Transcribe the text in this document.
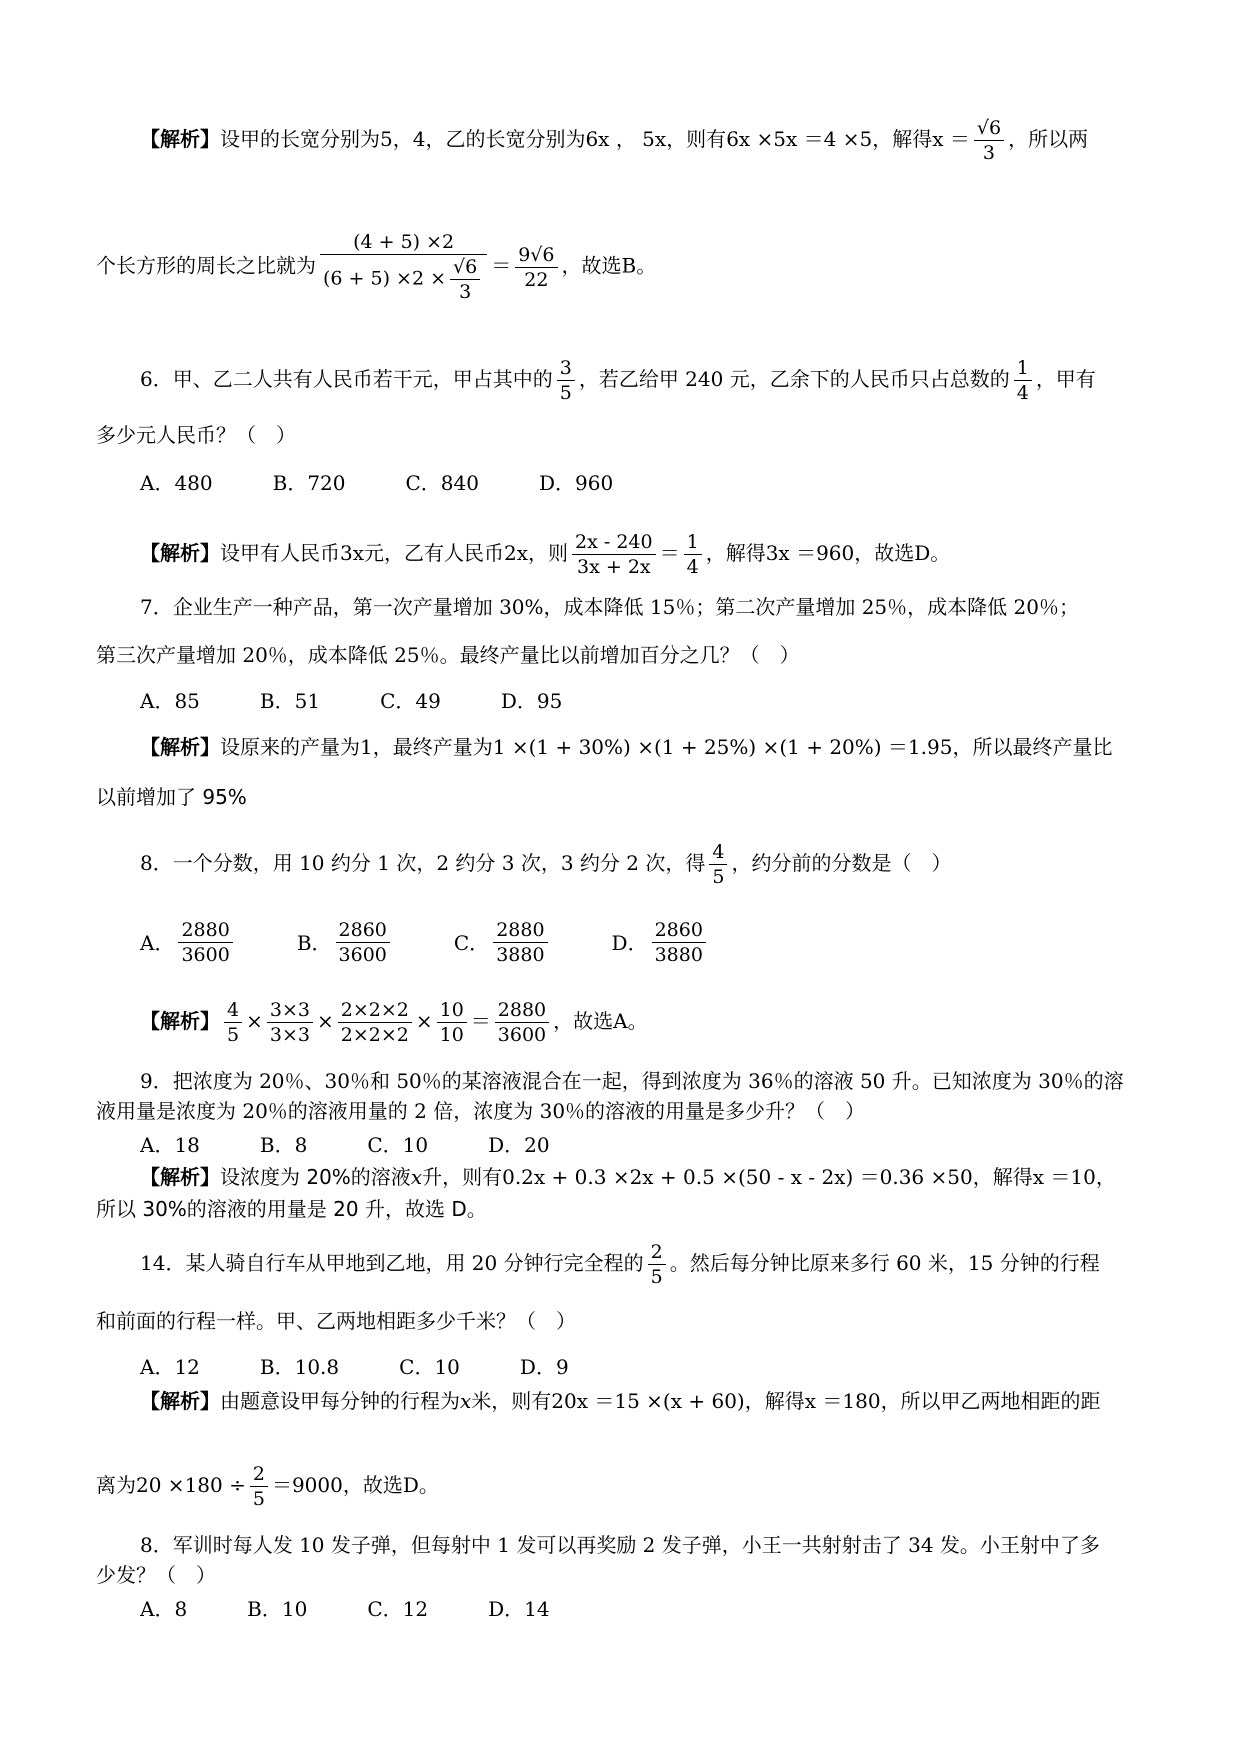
【解析】设甲的长宽分别为5，4，乙的长宽分别为6x ， 5x，则有6x ×5x ＝4 ×5，解得$x = \frac{√6}{3}$ ，所以两
个长方形的周长之比就为 $\frac{(4 + 5) \times 2}{(6 + 5) \times 2 \times \frac{√6}{3}} = \frac{9√6}{22}$ ，故选B。
6．甲、乙二人共有人民币若干元，甲占其中的 $\frac{3}{5}$ ，若乙给甲 240 元，乙余下的人民币只占总数的 $\frac{1}{4}$ ，甲有
多少元人民币？（　）
A．480	B．720	C．840	D．960
【解析】设甲有人民币3x元，乙有人民币2x，则 $\frac{2x - 240}{3x + 2x} = \frac{1}{4}$ ，解得3x ＝960，故选D。
7．企业生产一种产品，第一次产量增加 30%，成本降低 15％；第二次产量增加 25％，成本降低 20％；
第三次产量增加 20％，成本降低 25％。最终产量比以前增加百分之几？（　）
A．85	B．51	C．49	D．95
【解析】设原来的产量为1，最终产量为1 ×(1 + 30%) ×(1 + 25%) ×(1 + 20%) ＝1.95，所以最终产量比
以前增加了 95%
8．一个分数，用 10 约分 1 次，2 约分 3 次，3 约分 2 次，得 $\frac{4}{5}$ ，约分前的分数是（　）
A． $\frac{2880}{3600}$	B． $\frac{2860}{3600}$	C． $\frac{2880}{3880}$	D． $\frac{2860}{3880}$
【解析】 $\frac{4}{5} \times \frac{3\times 3}{3\times 3} \times \frac{2\times 2\times 2}{2\times 2\times 2} \times \frac{10}{10} = \frac{2880}{3600}$ ，故选A。
9．把浓度为 20％、30％和 50％的某溶液混合在一起，得到浓度为 36％的溶液 50 升。已知浓度为 30％的溶
液用量是浓度为 20％的溶液用量的 2 倍，浓度为 30％的溶液的用量是多少升？（　）
A．18	B．8	C．10	D．20
【解析】设浓度为 20%的溶液x升，则有0.2x + 0.3 ×2x + 0.5 ×(50 - x - 2x) ＝0.36 ×50，解得x ＝10，
所以 30%的溶液的用量是 20 升，故选 D。
14．某人骑自行车从甲地到乙地，用 20 分钟行完全程的 $\frac{2}{5}$ 。然后每分钟比原来多行 60 米，15 分钟的行程
和前面的行程一样。甲、乙两地相距多少千米？（　）
A．12	B．10.8	C．10	D．9
【解析】由题意设甲每分钟的行程为x米，则有20x ＝15 ×(x + 60)，解得x ＝180，所以甲乙两地相距的距
离为$20 \times 180 \div \frac{2}{5} =9000$，故选D。
8．军训时每人发 10 发子弹，但每射中 1 发可以再奖励 2 发子弹，小王一共射射击了 34 发。小王射中了多
少发？（　）
A．8	B．10	C．12	D．14
